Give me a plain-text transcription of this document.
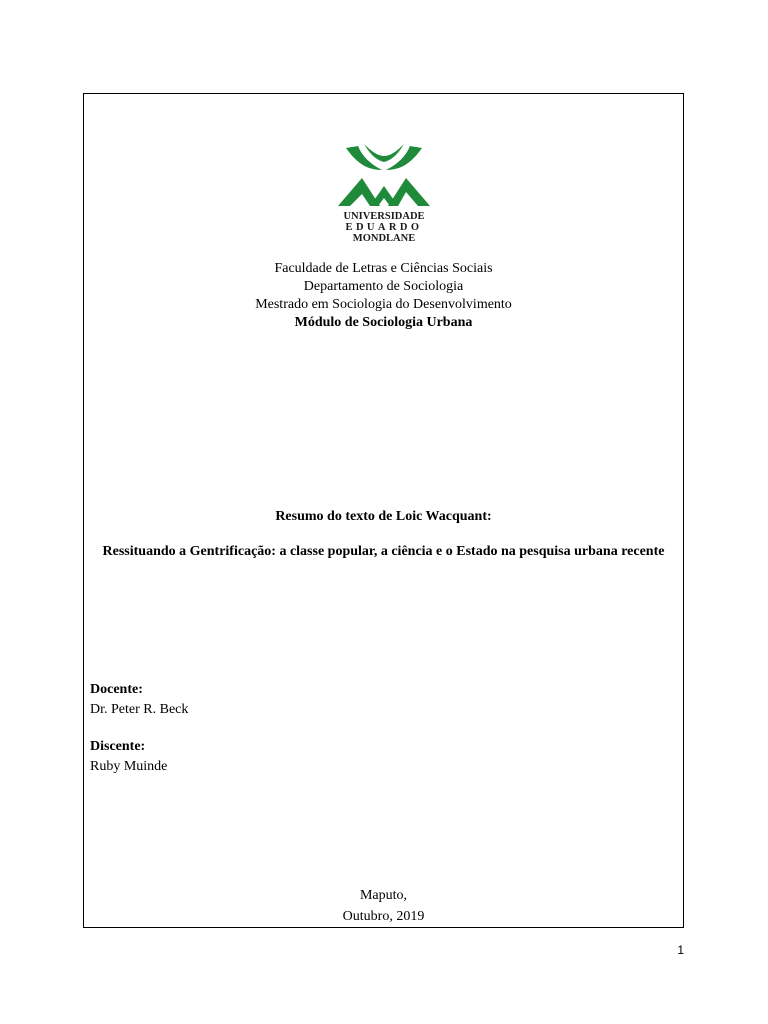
UNIVERSIDADE
EDUARDO
MONDLANE
Faculdade de Letras e Ciências Sociais
Departamento de Sociologia
Mestrado em Sociologia do Desenvolvimento
Módulo de Sociologia Urbana
Resumo do texto de Loic Wacquant:
Ressituando a Gentrificação: a classe popular, a ciência e o Estado na pesquisa urbana recente
Docente:
Dr. Peter R. Beck
Discente:
Ruby Muinde
Maputo,
Outubro, 2019
1
